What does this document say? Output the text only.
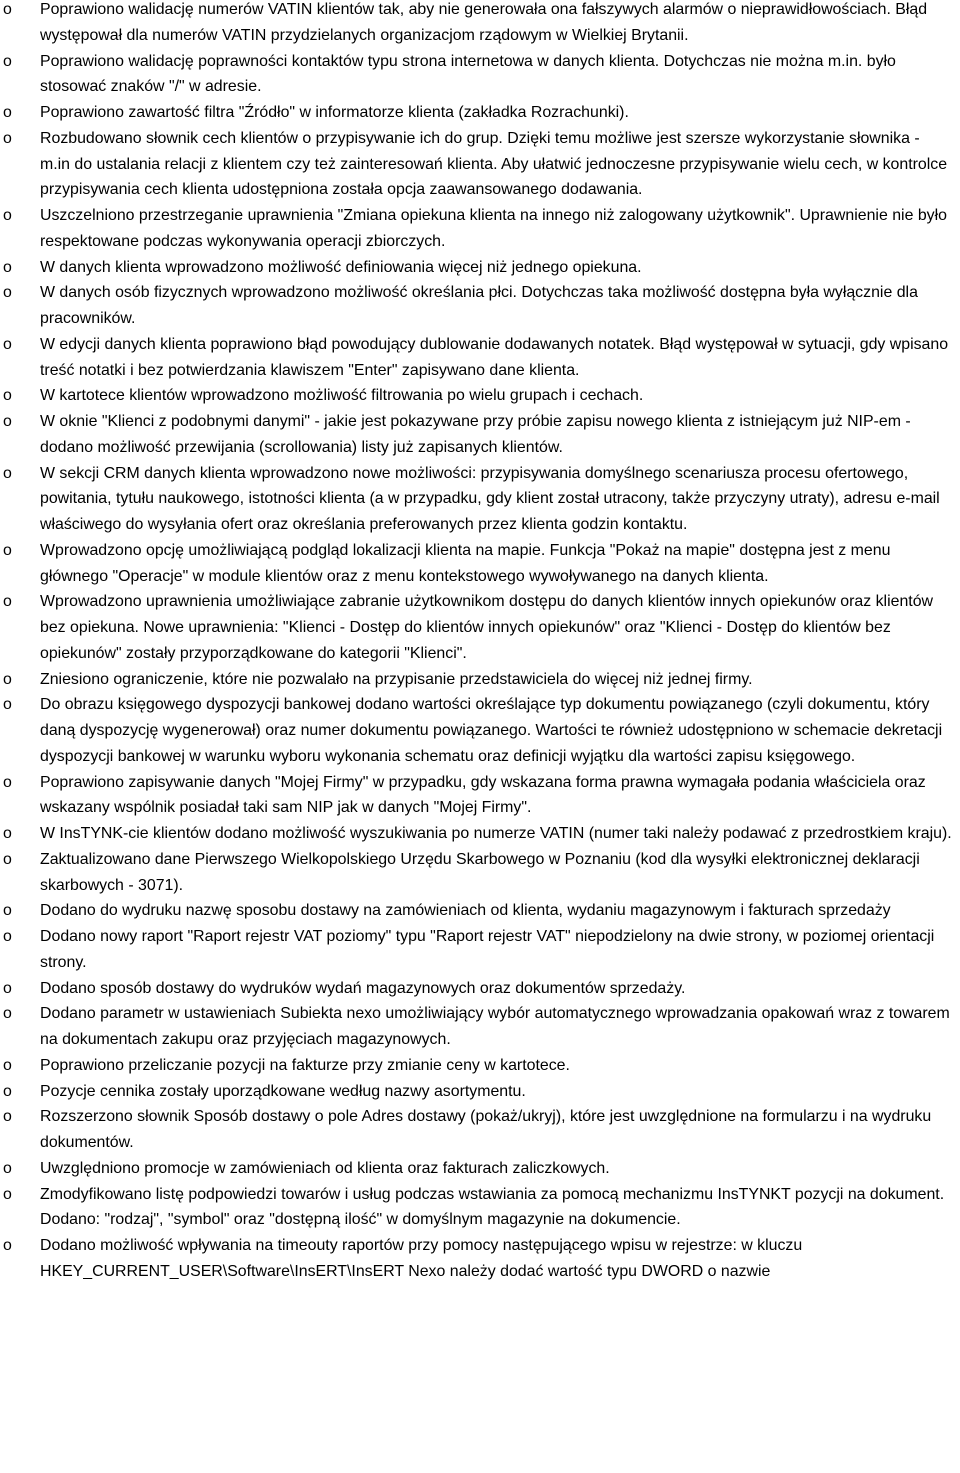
o Poprawiono walidację numerów VATIN klientów tak, aby nie generowała ona fałszywych alarmów o nieprawidłowościach. Błąd występował dla numerów VATIN przydzielanych organizacjom rządowym w Wielkiej Brytanii.
o Poprawiono walidację poprawności kontaktów typu strona internetowa w danych klienta. Dotychczas nie można m.in. było stosować znaków "/" w adresie.
o Poprawiono zawartość filtra "Źródło" w informatorze klienta (zakładka Rozrachunki).
o Rozbudowano słownik cech klientów o przypisywanie ich do grup. Dzięki temu możliwe jest szersze wykorzystanie słownika - m.in do ustalania relacji z klientem czy też zainteresowań klienta. Aby ułatwić jednoczesne przypisywanie wielu cech, w kontrolce przypisywania cech klienta udostępniona została opcja zaawansowanego dodawania.
o Uszczelniono przestrzeganie uprawnienia "Zmiana opiekuna klienta na innego niż zalogowany użytkownik". Uprawnienie nie było respektowane podczas wykonywania operacji zbiorczych.
o W danych klienta wprowadzono możliwość definiowania więcej niż jednego opiekuna.
o W danych osób fizycznych wprowadzono możliwość określania płci. Dotychczas taka możliwość dostępna była wyłącznie dla pracowników.
o W edycji danych klienta poprawiono błąd powodujący dublowanie dodawanych notatek. Błąd występował w sytuacji, gdy wpisano treść notatki i bez potwierdzania klawiszem "Enter" zapisywano dane klienta.
o W kartotece klientów wprowadzono możliwość filtrowania po wielu grupach i cechach.
o W oknie "Klienci z podobnymi danymi" - jakie jest pokazywane przy próbie zapisu nowego klienta z istniejącym już NIP-em - dodano możliwość przewijania (scrollowania) listy już zapisanych klientów.
o W sekcji CRM danych klienta wprowadzono nowe możliwości: przypisywania domyślnego scenariusza procesu ofertowego, powitania, tytułu naukowego, istotności klienta (a w przypadku, gdy klient został utracony, także przyczyny utraty), adresu e-mail właściwego do wysyłania ofert oraz określania preferowanych przez klienta godzin kontaktu.
o Wprowadzono opcję umożliwiającą podgląd lokalizacji klienta na mapie. Funkcja "Pokaż na mapie" dostępna jest z menu głównego "Operacje" w module klientów oraz z menu kontekstowego wywoływanego na danych klienta.
o Wprowadzono uprawnienia umożliwiające zabranie użytkownikom dostępu do danych klientów innych opiekunów oraz klientów bez opiekuna. Nowe uprawnienia: "Klienci - Dostęp do klientów innych opiekunów" oraz "Klienci - Dostęp do klientów bez opiekunów" zostały przyporządkowane do kategorii "Klienci".
o Zniesiono ograniczenie, które nie pozwalało na przypisanie przedstawiciela do więcej niż jednej firmy.
o Do obrazu księgowego dyspozycji bankowej dodano wartości określające typ dokumentu powiązanego (czyli dokumentu, który daną dyspozycję wygenerował) oraz numer dokumentu powiązanego. Wartości te również udostępniono w schemacie dekretacji dyspozycji bankowej w warunku wyboru wykonania schematu oraz definicji wyjątku dla wartości zapisu księgowego.
o Poprawiono zapisywanie danych "Mojej Firmy" w przypadku, gdy wskazana forma prawna wymagała podania właściciela oraz wskazany wspólnik posiadał taki sam NIP jak w danych "Mojej Firmy".
o W InsTYNK-cie klientów dodano możliwość wyszukiwania po numerze VATIN (numer taki należy podawać z przedrostkiem kraju).
o Zaktualizowano dane Pierwszego Wielkopolskiego Urzędu Skarbowego w Poznaniu (kod dla wysyłki elektronicznej deklaracji skarbowych - 3071).
o Dodano do wydruku nazwę sposobu dostawy na zamówieniach od klienta, wydaniu magazynowym i fakturach sprzedaży
o Dodano nowy raport "Raport rejestr VAT poziomy" typu "Raport rejestr VAT" niepodzielony na dwie strony, w poziomej orientacji strony.
o Dodano sposób dostawy do wydruków wydań magazynowych oraz dokumentów sprzedaży.
o Dodano parametr w ustawieniach Subiekta nexo umożliwiający wybór automatycznego wprowadzania opakowań wraz z towarem na dokumentach zakupu oraz przyjęciach magazynowych.
o Poprawiono przeliczanie pozycji na fakturze przy zmianie ceny w kartotece.
o Pozycje cennika zostały uporządkowane według nazwy asortymentu.
o Rozszerzono słownik Sposób dostawy o pole Adres dostawy (pokaż/ukryj), które jest uwzględnione na formularzu i na wydruku dokumentów.
o Uwzględniono promocje w zamówieniach od klienta oraz fakturach zaliczkowych.
o Zmodyfikowano listę podpowiedzi towarów i usług podczas wstawiania za pomocą mechanizmu InsTYNKT pozycji na dokument. Dodano: "rodzaj", "symbol" oraz "dostępną ilość" w domyślnym magazynie na dokumencie.
o Dodano możliwość wpływania na timeouty raportów przy pomocy następującego wpisu w rejestrze: w kluczu HKEY_CURRENT_USER\Software\InsERT\InsERT Nexo należy dodać wartość typu DWORD o nazwie
